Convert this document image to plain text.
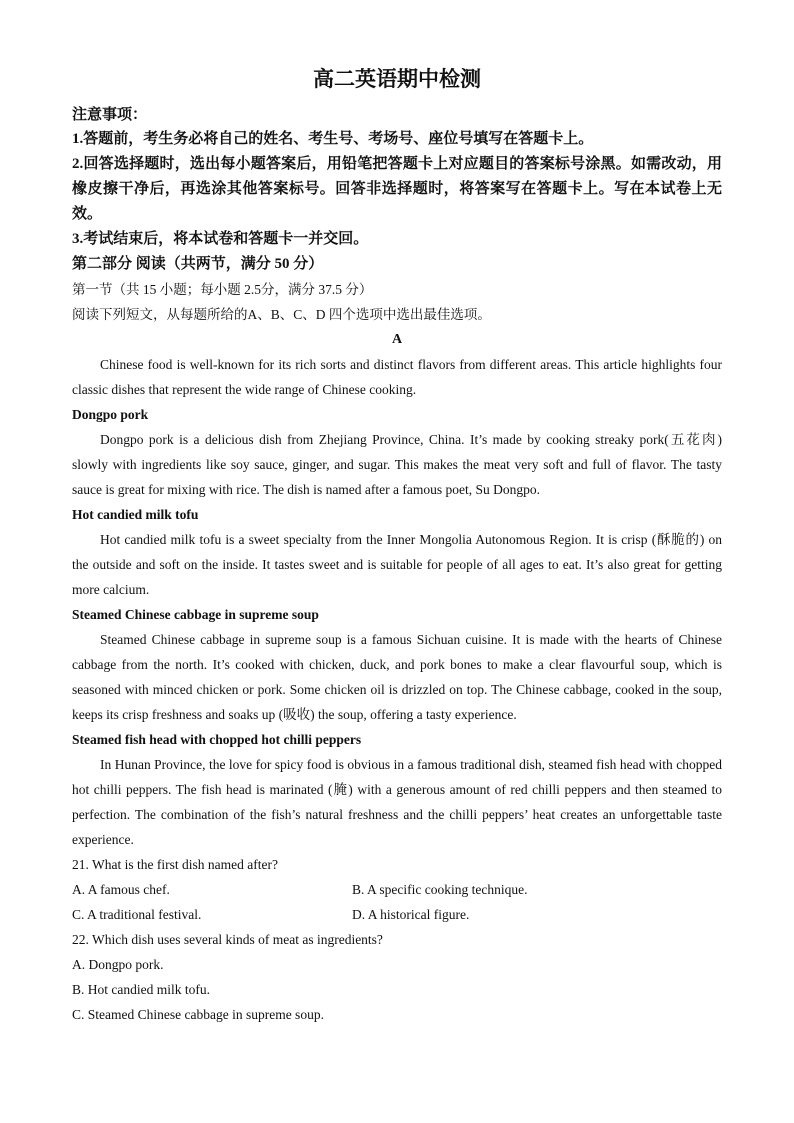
高二英语期中检测
注意事项：
1.答题前，考生务必将自己的姓名、考生号、考场号、座位号填写在答题卡上。
2.回答选择题时，选出每小题答案后，用铅笔把答题卡上对应题目的答案标号涂黑。如需改动，用橡皮擦干净后，再选涂其他答案标号。回答非选择题时，将答案写在答题卡上。写在本试卷上无效。
3.考试结束后，将本试卷和答题卡一并交回。
第二部分 阅读（共两节，满分 50 分）
第一节（共 15 小题；每小题 2.5分，满分 37.5 分）
阅读下列短文，从每题所给的A、B、C、D 四个选项中选出最佳选项。
A

Chinese food is well-known for its rich sorts and distinct flavors from different areas. This article highlights four classic dishes that represent the wide range of Chinese cooking.

Dongpo pork

Dongpo pork is a delicious dish from Zhejiang Province, China. It’s made by cooking streaky pork(五花肉) slowly with ingredients like soy sauce, ginger, and sugar. This makes the meat very soft and full of flavor. The tasty sauce is great for mixing with rice. The dish is named after a famous poet, Su Dongpo.

Hot candied milk tofu

Hot candied milk tofu is a sweet specialty from the Inner Mongolia Autonomous Region. It is crisp (酥脆的) on the outside and soft on the inside. It tastes sweet and is suitable for people of all ages to eat. It’s also great for getting more calcium.

Steamed Chinese cabbage in supreme soup

Steamed Chinese cabbage in supreme soup is a famous Sichuan cuisine. It is made with the hearts of Chinese cabbage from the north. It’s cooked with chicken, duck, and pork bones to make a clear flavourful soup, which is seasoned with minced chicken or pork. Some chicken oil is drizzled on top. The Chinese cabbage, cooked in the soup, keeps its crisp freshness and soaks up (吸收) the soup, offering a tasty experience.

Steamed fish head with chopped hot chilli peppers

In Hunan Province, the love for spicy food is obvious in a famous traditional dish, steamed fish head with chopped hot chilli peppers. The fish head is marinated (腌) with a generous amount of red chilli peppers and then steamed to perfection. The combination of the fish’s natural freshness and the chilli peppers’ heat creates an unforgettable taste experience.

21. What is the first dish named after?
A. A famous chef.	B. A specific cooking technique.
C. A traditional festival.	D. A historical figure.
22. Which dish uses several kinds of meat as ingredients?
A. Dongpo pork.
B. Hot candied milk tofu.
C. Steamed Chinese cabbage in supreme soup.
